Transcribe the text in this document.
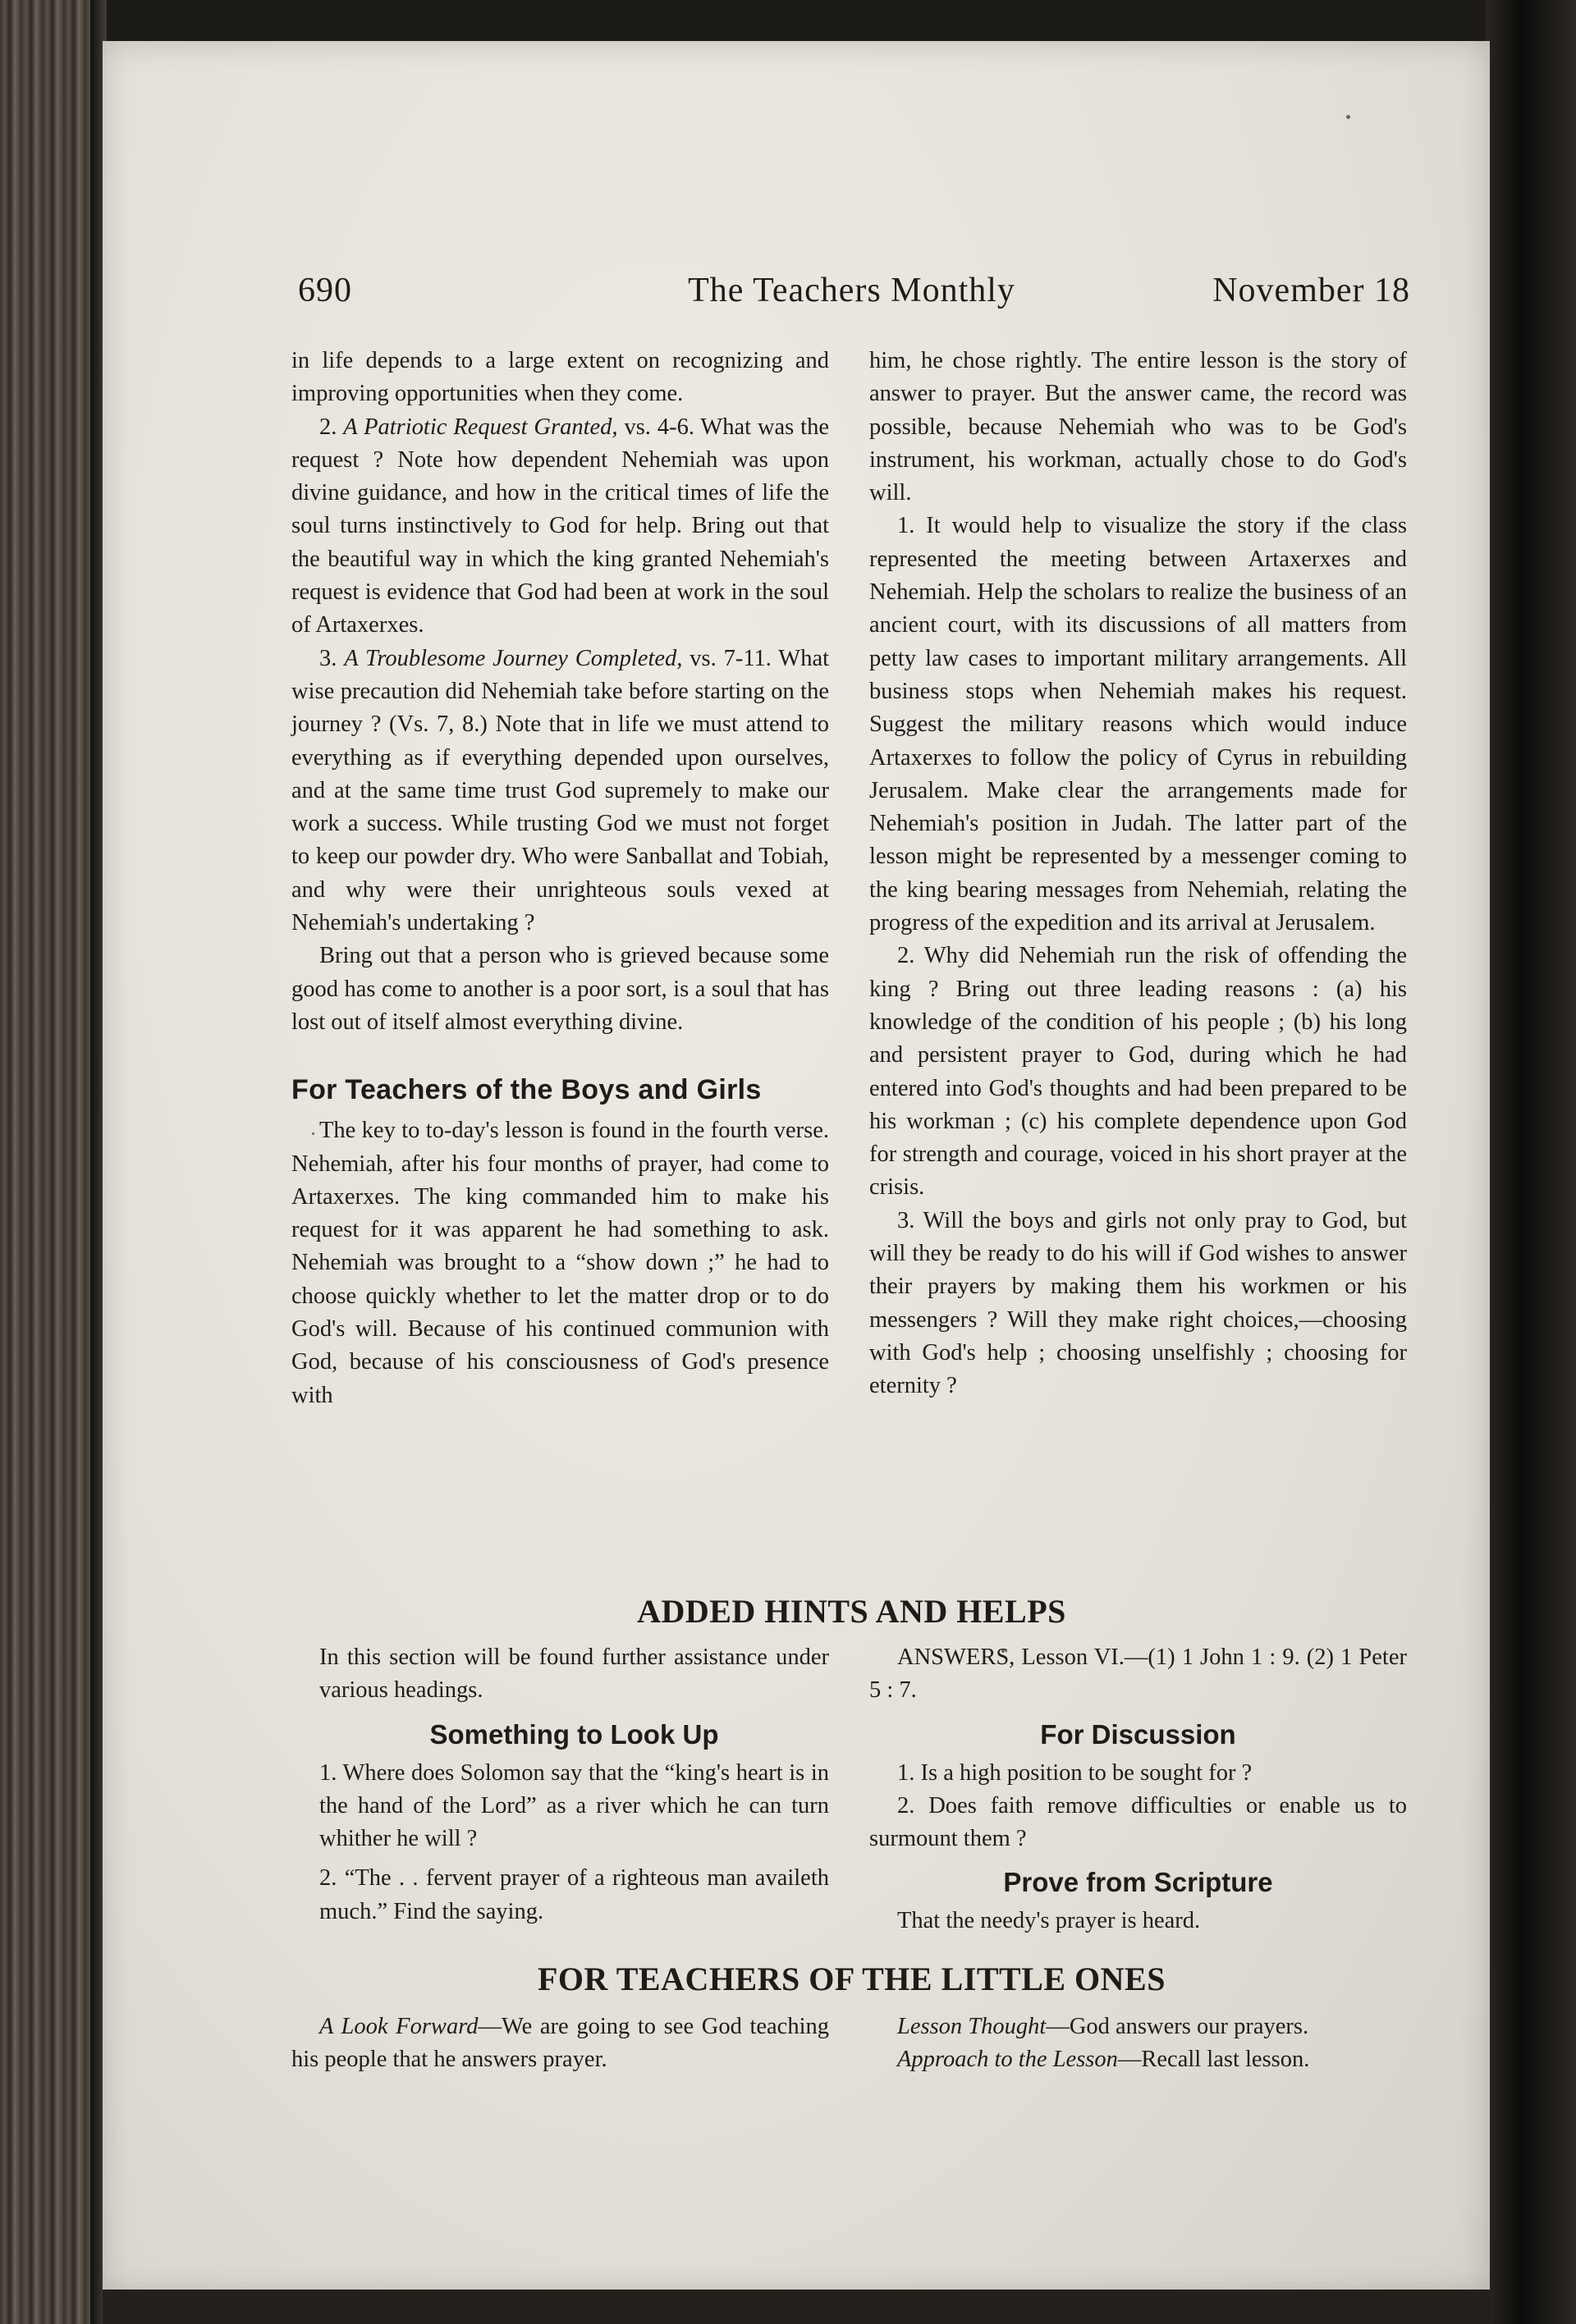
690	The Teachers Monthly	November 18

in life depends to a large extent on recognizing and improving opportunities when they come.

2. A Patriotic Request Granted, vs. 4-6. What was the request ? Note how dependent Nehemiah was upon divine guidance, and how in the critical times of life the soul turns instinctively to God for help. Bring out that the beautiful way in which the king granted Nehemiah's request is evidence that God had been at work in the soul of Artaxerxes.

3. A Troublesome Journey Completed, vs. 7-11. What wise precaution did Nehemiah take before starting on the journey ? (Vs. 7, 8.) Note that in life we must attend to everything as if everything depended upon ourselves, and at the same time trust God supremely to make our work a success. While trusting God we must not forget to keep our powder dry. Who were Sanballat and Tobiah, and why were their unrighteous souls vexed at Nehemiah's undertaking ?

Bring out that a person who is grieved because some good has come to another is a poor sort, is a soul that has lost out of itself almost everything divine.

For Teachers of the Boys and Girls

The key to to-day's lesson is found in the fourth verse. Nehemiah, after his four months of prayer, had come to Artaxerxes. The king commanded him to make his request for it was apparent he had something to ask. Nehemiah was brought to a “show down ;” he had to choose quickly whether to let the matter drop or to do God's will. Because of his continued communion with God, because of his consciousness of God's presence with

him, he chose rightly. The entire lesson is the story of answer to prayer. But the answer came, the record was possible, because Nehemiah who was to be God's instrument, his workman, actually chose to do God's will.

1. It would help to visualize the story if the class represented the meeting between Artaxerxes and Nehemiah. Help the scholars to realize the business of an ancient court, with its discussions of all matters from petty law cases to important military arrangements. All business stops when Nehemiah makes his request. Suggest the military reasons which would induce Artaxerxes to follow the policy of Cyrus in rebuilding Jerusalem. Make clear the arrangements made for Nehemiah's position in Judah. The latter part of the lesson might be represented by a messenger coming to the king bearing messages from Nehemiah, relating the progress of the expedition and its arrival at Jerusalem.

2. Why did Nehemiah run the risk of offending the king ? Bring out three leading reasons : (a) his knowledge of the condition of his people ; (b) his long and persistent prayer to God, during which he had entered into God's thoughts and had been prepared to be his workman ; (c) his complete dependence upon God for strength and courage, voiced in his short prayer at the crisis.

3. Will the boys and girls not only pray to God, but will they be ready to do his will if God wishes to answer their prayers by making them his workmen or his messengers ? Will they make right choices,—choosing with God's help ; choosing unselfishly ; choosing for eternity ?

ADDED HINTS AND HELPS

In this section will be found further assistance under various headings.

Something to Look Up

1. Where does Solomon say that the “king's heart is in the hand of the Lord” as a river which he can turn whither he will ?

2. “The . . fervent prayer of a righteous man availeth much.” Find the saying.

ANSWERS, Lesson VI.—(1) 1 John 1 : 9. (2) 1 Peter 5 : 7.

For Discussion

1. Is a high position to be sought for ?

2. Does faith remove difficulties or enable us to surmount them ?

Prove from Scripture

That the needy's prayer is heard.

FOR TEACHERS OF THE LITTLE ONES

A Look Forward—We are going to see God teaching his people that he answers prayer.

Lesson Thought—God answers our prayers.

Approach to the Lesson—Recall last lesson.
